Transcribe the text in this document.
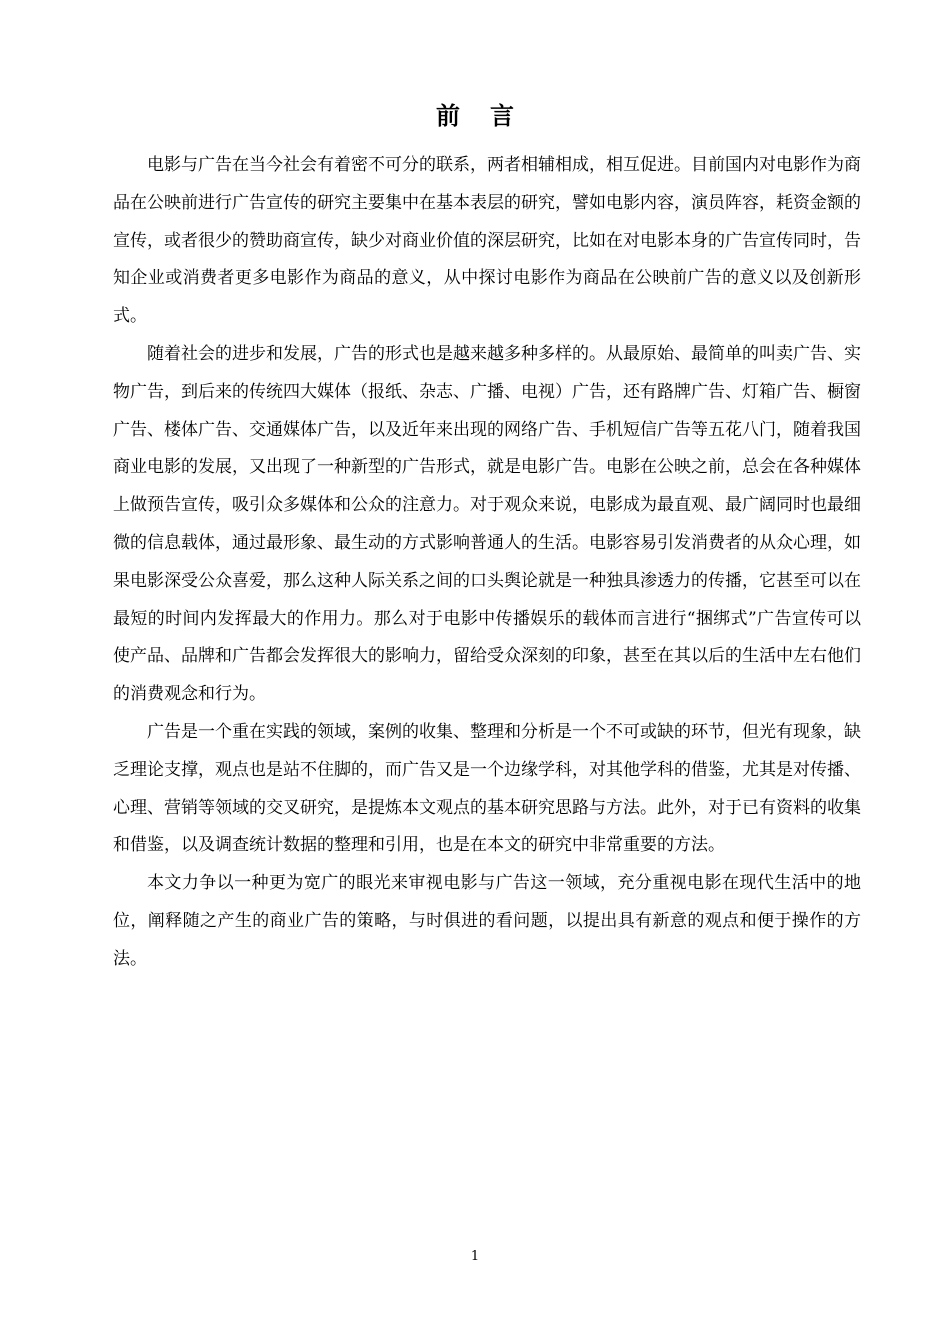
前言

电影与广告在当今社会有着密不可分的联系，两者相辅相成，相互促进。目前国内对电影作为商品在公映前进行广告宣传的研究主要集中在基本表层的研究，譬如电影内容，演员阵容，耗资金额的宣传，或者很少的赞助商宣传，缺少对商业价值的深层研究，比如在对电影本身的广告宣传同时，告知企业或消费者更多电影作为商品的意义，从中探讨电影作为商品在公映前广告的意义以及创新形式。

随着社会的进步和发展，广告的形式也是越来越多种多样的。从最原始、最简单的叫卖广告、实物广告，到后来的传统四大媒体（报纸、杂志、广播、电视）广告，还有路牌广告、灯箱广告、橱窗广告、楼体广告、交通媒体广告，以及近年来出现的网络广告、手机短信广告等五花八门，随着我国商业电影的发展，又出现了一种新型的广告形式，就是电影广告。电影在公映之前，总会在各种媒体上做预告宣传，吸引众多媒体和公众的注意力。对于观众来说，电影成为最直观、最广阔同时也最细微的信息载体，通过最形象、最生动的方式影响普通人的生活。电影容易引发消费者的从众心理，如果电影深受公众喜爱，那么这种人际关系之间的口头舆论就是一种独具渗透力的传播，它甚至可以在最短的时间内发挥最大的作用力。那么对于电影中传播娱乐的载体而言进行“捆绑式”广告宣传可以使产品、品牌和广告都会发挥很大的影响力，留给受众深刻的印象，甚至在其以后的生活中左右他们的消费观念和行为。

广告是一个重在实践的领域，案例的收集、整理和分析是一个不可或缺的环节，但光有现象，缺乏理论支撑，观点也是站不住脚的，而广告又是一个边缘学科，对其他学科的借鉴，尤其是对传播、心理、营销等领域的交叉研究，是提炼本文观点的基本研究思路与方法。此外，对于已有资料的收集和借鉴，以及调查统计数据的整理和引用，也是在本文的研究中非常重要的方法。

本文力争以一种更为宽广的眼光来审视电影与广告这一领域，充分重视电影在现代生活中的地位，阐释随之产生的商业广告的策略，与时俱进的看问题，以提出具有新意的观点和便于操作的方法。

1
